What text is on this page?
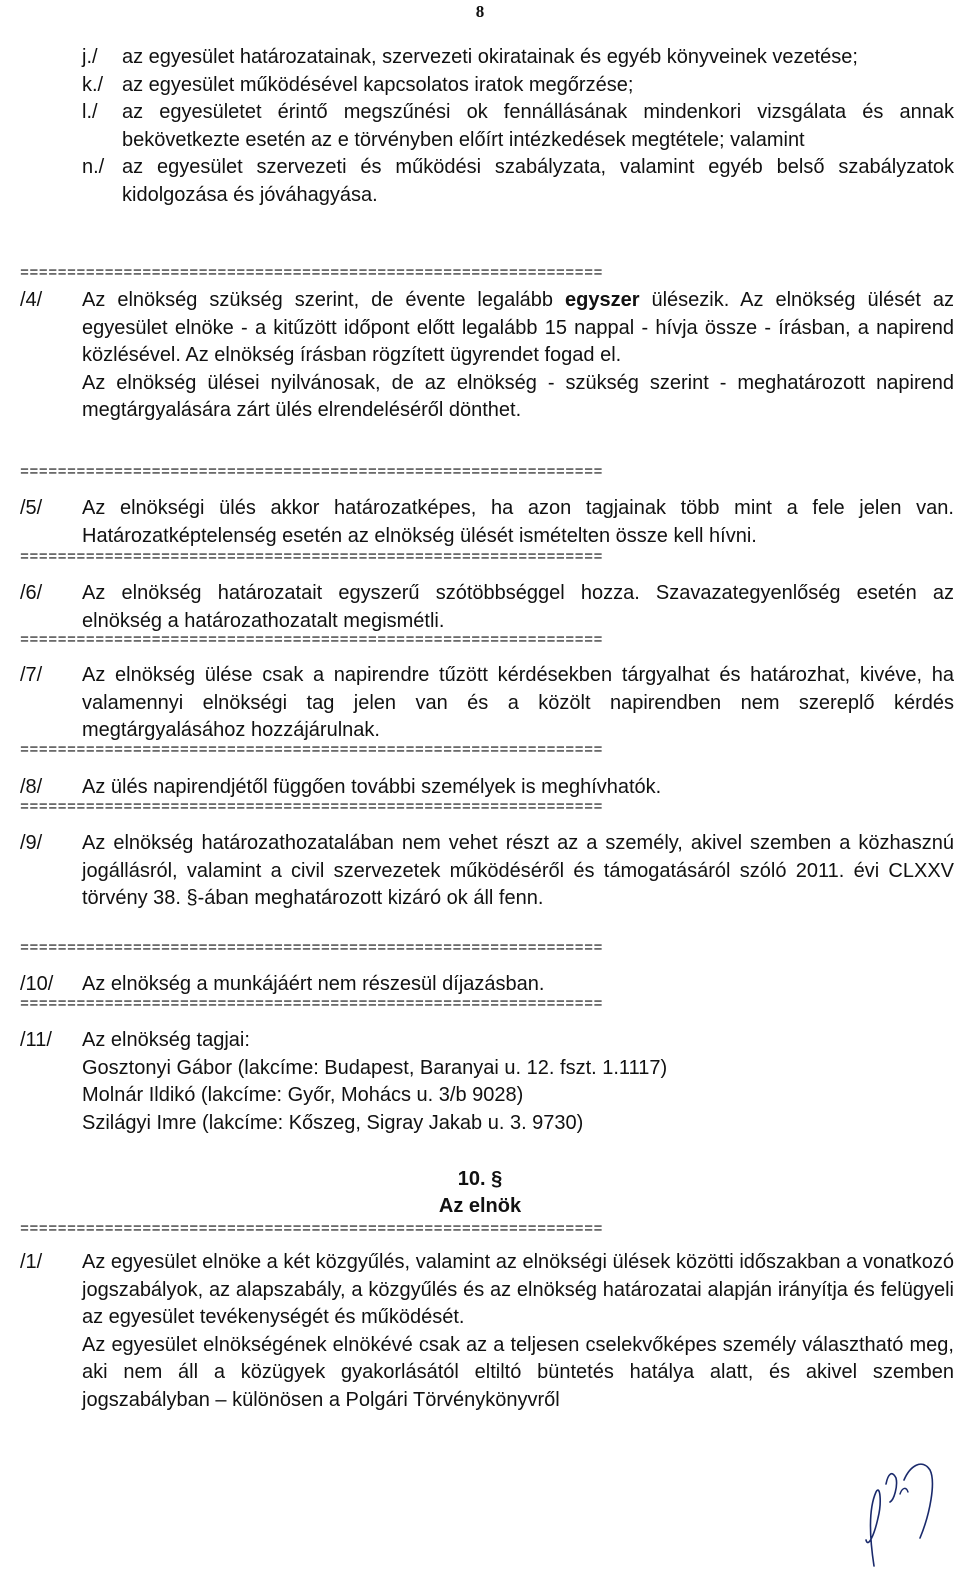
8
j./ az egyesület határozatainak, szervezeti okiratainak és egyéb könyveinek vezetése;
k./ az egyesület működésével kapcsolatos iratok megőrzése;
l./ az egyesületet érintő megszűnési ok fennállásának mindenkori vizsgálata és annak bekövetkezte esetén az e törvényben előírt intézkedések megtétele; valamint
n./ az egyesület szervezeti és működési szabályzata, valamint egyéb belső szabályzatok kidolgozása és jóváhagyása.
==============================================================
/4/ Az elnökség szükség szerint, de évente legalább egyszer ülésezik. Az elnökség ülését az egyesület elnöke - a kitűzött időpont előtt legalább 15 nappal - hívja össze - írásban, a napirend közlésével. Az elnökség írásban rögzített ügyrendet fogad el.

Az elnökség ülései nyilvánosak, de az elnökség - szükség szerint - meghatározott napirend megtárgyalására zárt ülés elrendeléséről dönthet.

==============================================================
/5/ Az elnökségi ülés akkor határozatképes, ha azon tagjainak több mint a fele jelen van. Határozatképtelenség esetén az elnökség ülését ismételten össze kell hívni.
==============================================================
/6/ Az elnökség határozatait egyszerű szótöbbséggel hozza. Szavazategyenlőség esetén az elnökség a határozathozatalt megismétli.
==============================================================
/7/ Az elnökség ülése csak a napirendre tűzött kérdésekben tárgyalhat és határozhat, kivéve, ha valamennyi elnökségi tag jelen van és a közölt napirendben nem szereplő kérdés megtárgyalásához hozzájárulnak.
==============================================================
/8/ Az ülés napirendjétől függően további személyek is meghívhatók.
==============================================================
/9/ Az elnökség határozathozatalában nem vehet részt az a személy, akivel szemben a közhasznú jogállásról, valamint a civil szervezetek működéséről és támogatásáról szóló 2011. évi CLXXV törvény 38. §-ában meghatározott kizáró ok áll fenn.
==============================================================
/10/ Az elnökség a munkájáért nem részesül díjazásban.
==============================================================
/11/ Az elnökség tagjai:

Gosztonyi Gábor (lakcíme: Budapest, Baranyai u. 12. fszt. 1.1117)

Molnár Ildikó (lakcíme: Győr, Mohács u. 3/b 9028)

Szilágyi Imre (lakcíme: Kőszeg, Sigray Jakab u. 3. 9730)

10. §
Az elnök
==============================================================
/1/ Az egyesület elnöke a két közgyűlés, valamint az elnökségi ülések közötti időszakban a vonatkozó jogszabályok, az alapszabály, a közgyűlés és az elnökség határozatai alapján irányítja és felügyeli az egyesület tevékenységét és működését.

Az egyesület elnökségének elnökévé csak az a teljesen cselekvőképes személy választható meg, aki nem áll a közügyek gyakorlásától eltiltó büntetés hatálya alatt, és akivel szemben jogszabályban – különösen a Polgári Törvénykönyvről
